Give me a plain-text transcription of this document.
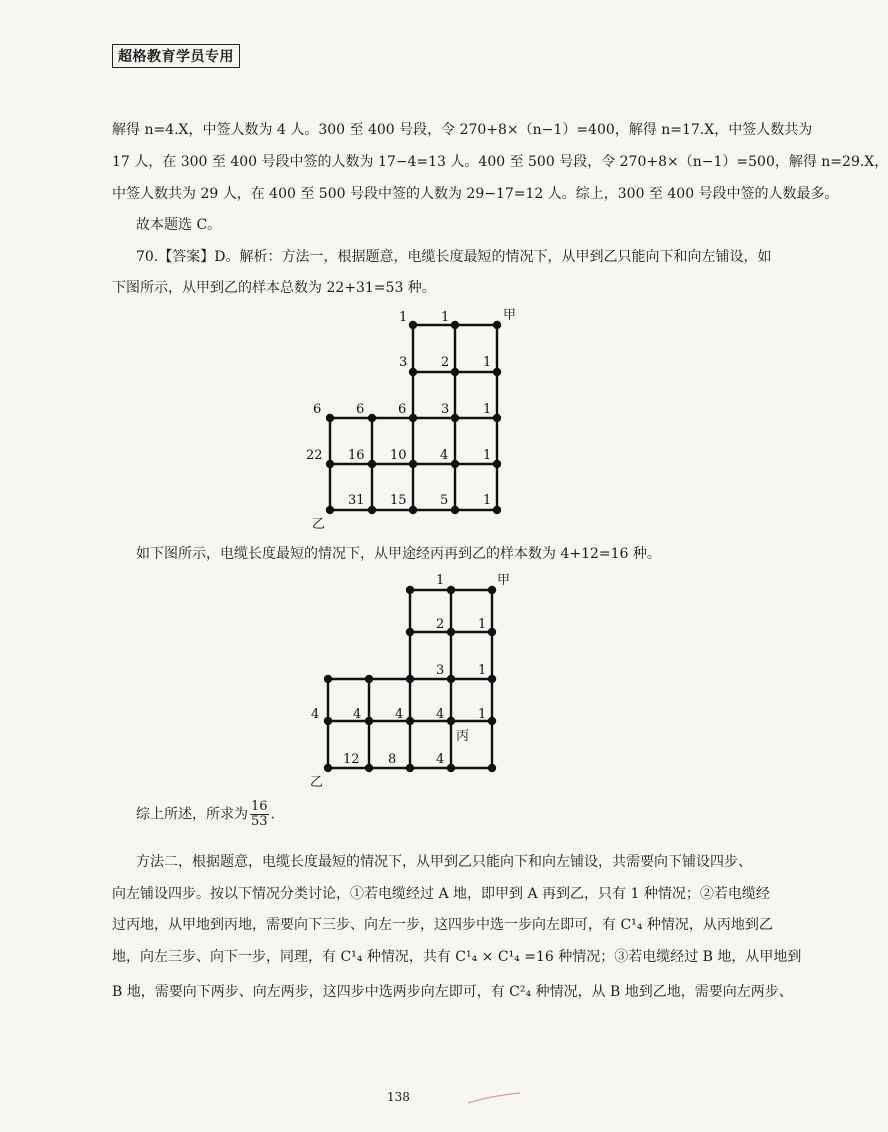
超格教育学员专用
解得 n=4.X，中签人数为 4 人。300 至 400 号段，令 270+8×（n−1）=400，解得 n=17.X，中签人数共为
17 人，在 300 至 400 号段中签的人数为 17−4=13 人。400 至 500 号段，令 270+8×（n−1）=500，解得 n=29.X，
中签人数共为 29 人，在 400 至 500 号段中签的人数为 29−17=12 人。综上，300 至 400 号段中签的人数最多。
故本题选 C。
70.【答案】D。解析：方法一，根据题意，电缆长度最短的情况下，从甲到乙只能向下和向左铺设，如
下图所示，从甲到乙的样本总数为 22+31=53 种。
如下图所示，电缆长度最短的情况下，从甲途经丙再到乙的样本数为 4+12=16 种。
综上所述，所求为 $\frac{16}{53}$ .
方法二，根据题意，电缆长度最短的情况下，从甲到乙只能向下和向左铺设，共需要向下铺设四步、
向左铺设四步。按以下情况分类讨论，①若电缆经过 A 地，即甲到 A 再到乙，只有 1 种情况；②若电缆经
过丙地，从甲地到丙地，需要向下三步、向左一步，这四步中选一步向左即可，有 C¹₄ 种情况，从丙地到乙
地，向左三步、向下一步，同理，有 C¹₄ 种情况，共有 C¹₄ × C¹₄ =16 种情况；③若电缆经过 B 地，从甲地到
B 地，需要向下两步、向左两步，这四步中选两步向左即可，有 C²₄ 种情况，从 B 地到乙地，需要向左两步、
1	1
3	2	1
6	6	6	3	1
22 16 10	4	1
31 15	5	1
甲
乙
1
2	1
3	1
4	4	4	4	1
12 8	4
丙
甲
乙
138
